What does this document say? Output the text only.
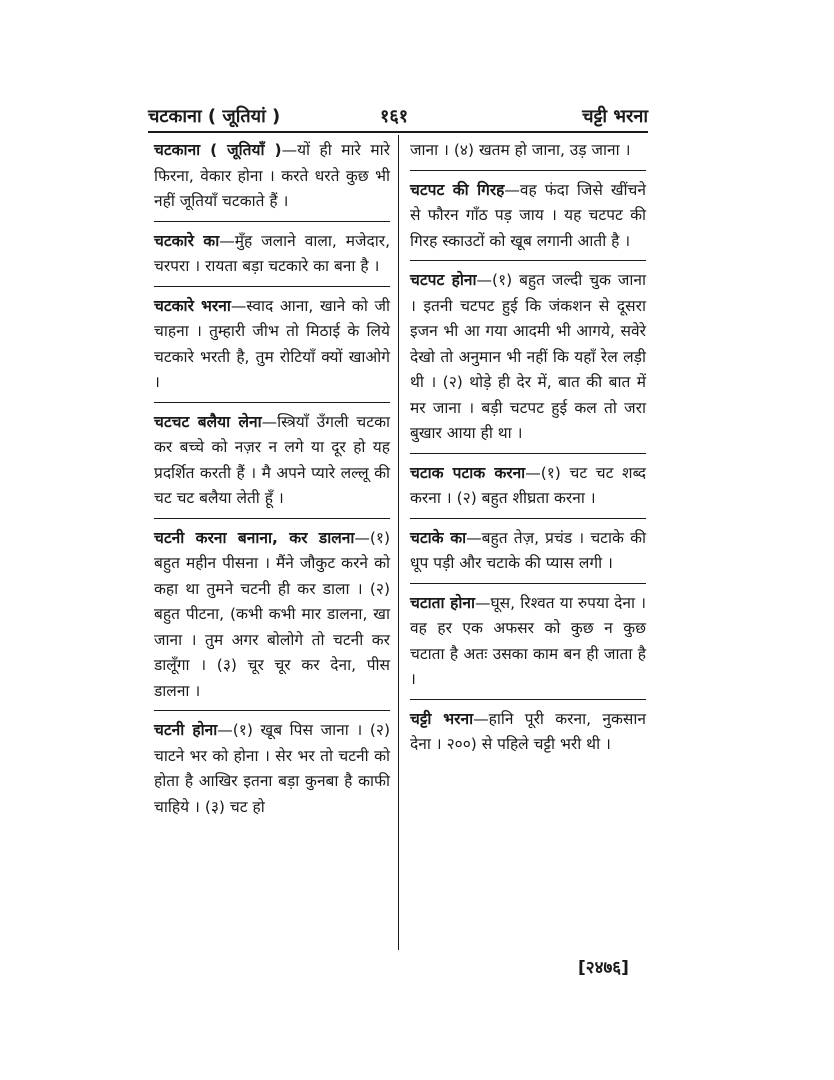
चटकाना ( जूतियां )	१६१	चट्टी भरना
चटकाना ( जूतियाँ )—यों ही मारे मारे फिरना, वेकार होना । करते धरते कुछ भी नहीं जूतियाँ चटकाते हैं ।
चटकारे का—मुँह जलाने वाला, मजेदार, चरपरा । रायता बड़ा चटकारे का बना है ।
चटकारे भरना—स्वाद आना, खाने को जी चाहना । तुम्हारी जीभ तो मिठाई के लिये चटकारे भरती है, तुम रोटियाँ क्यों खाओगे ।
चटचट बलैया लेना—स्त्रियाँ उँगली चटका कर बच्चे को नज़र न लगे या दूर हो यह प्रदर्शित करती हैं । मै अपने प्यारे लल्लू की चट चट बलैया लेती हूँ ।
चटनी करना बनाना, कर डालना—(१) बहुत महीन पीसना । मैंने जौकुट करने को कहा था तुमने चटनी ही कर डाला । (२) बहुत पीटना, (कभी कभी मार डालना, खा जाना । तुम अगर बोलोगे तो चटनी कर डालूँगा । (३) चूर चूर कर देना, पीस डालना ।
चटनी होना—(१) खूब पिस जाना । (२) चाटने भर को होना । सेर भर तो चटनी को होता है आखिर इतना बड़ा कुनबा है काफी चाहिये । (३) चट हो
जाना । (४) खतम हो जाना, उड़ जाना ।
चटपट की गिरह—वह फंदा जिसे खींचने से फौरन गाँठ पड़ जाय । यह चटपट की गिरह स्काउटों को खूब लगानी आती है ।
चटपट होना—(१) बहुत जल्दी चुक जाना । इतनी चटपट हुई कि जंकशन से दूसरा इजन भी आ गया आदमी भी आगये, सवेरे देखो तो अनुमान भी नहीं कि यहाँ रेल लड़ी थी । (२) थोड़े ही देर में, बात की बात में मर जाना । बड़ी चटपट हुई कल तो जरा बुखार आया ही था ।
चटाक पटाक करना—(१) चट चट शब्द करना । (२) बहुत शीघ्रता करना ।
चटाके का—बहुत तेज़, प्रचंड । चटाके की धूप पड़ी और चटाके की प्यास लगी ।
चटाता होना—घूस, रिश्वत या रुपया देना । वह हर एक अफसर को कुछ न कुछ चटाता है अतः उसका काम बन ही जाता है ।
चट्टी भरना—हानि पूरी करना, नुकसान देना । २००) से पहिले चट्टी भरी थी ।
[२४७६]
